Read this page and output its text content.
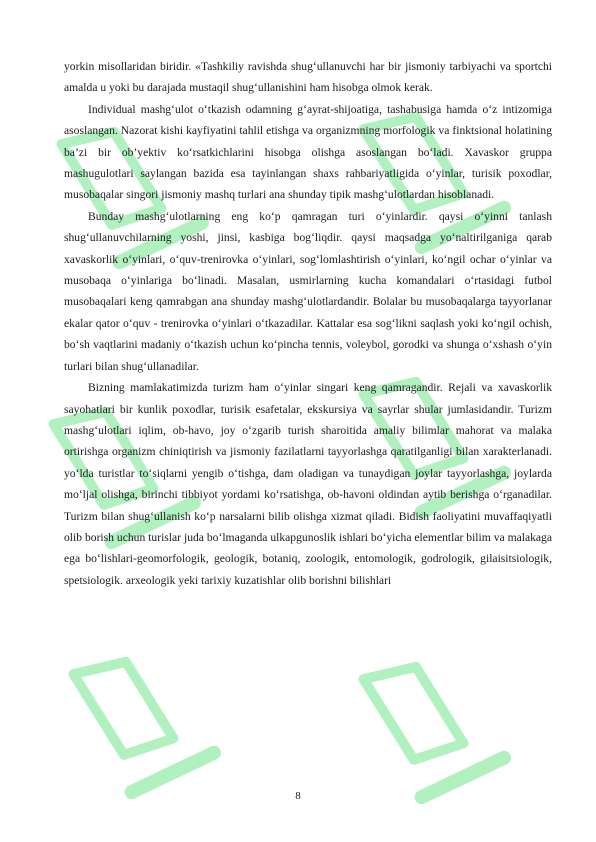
yorkin misollaridan biridir. «Tashkiliy ravishda shug‘ullanuvchi har bir jismoniy tarbiyachi va sportchi amalda u yoki bu darajada mustaqil shug‘ullanishini ham hisobga olmok kerak.

Individual mashg‘ulot o‘tkazish odamning g‘ayrat-shijoatiga, tashabusiga hamda o‘z intizomiga asoslangan. Nazorat kishi kayfiyatini tahlil etishga va organizmning morfologik va finktsional holatining ba’zi bir ob’yektiv ko‘rsatkichlarini hisobga olishga asoslangan bo‘ladi. Xavaskor gruppa mashugulotlari saylangan bazida esa tayinlangan shaxs rahbariyatligida o‘yinlar, turisik poxodlar, musobaqalar singori jismoniy mashq turlari ana shunday tipik mashg‘ulotlardan hisoblanadi.

Bunday mashg‘ulotlarning eng ko‘p qamragan turi o‘yinlardir. qaysi o‘yinni tanlash shug‘ullanuvchilarning yoshi, jinsi, kasbiga bog‘liqdir. qaysi maqsadga yo‘naltirilganiga qarab xavaskorlik o‘yinlari, o‘quv-trenirovka o‘yinlari, sog‘lomlashtirish o‘yinlari, ko‘ngil ochar o‘yinlar va musobaqa o‘yinlariga bo‘linadi. Masalan, usmirlarning kucha komandalari o‘rtasidagi futbol musobaqalari keng qamrabgan ana shunday mashg‘ulotlardandir. Bolalar bu musobaqalarga tayyorlanar ekalar qator o‘quv - trenirovka o‘yinlari o‘tkazadilar. Kattalar esa sog‘likni saqlash yoki ko‘ngil ochish, bo‘sh vaqtlarini madaniy o‘tkazish uchun ko‘pincha tennis, voleybol, gorodki va shunga o‘xshash o‘yin turlari bilan shug‘ullanadilar.

Bizning mamlakatimizda turizm ham o‘yinlar singari keng qamragandir. Rejali va xavaskorlik sayohatlari bir kunlik poxodlar, turisik esafetalar, ekskursiya va sayrlar shular jumlasidandir. Turizm mashg‘ulotlari iqlim, ob-havo, joy o‘zgarib turish sharoitida amaliy bilimlar mahorat va malaka ortirishga organizm chiniqtirish va jismoniy fazilatlarni tayyorlashga qaratilganligi bilan xarakterlanadi. yo‘lda turistlar to‘siqlarni yengib o‘tishga, dam oladigan va tunaydigan joylar tayyorlashga, joylarda mo‘ljal olishga, birinchi tibbiyot yordami ko‘rsatishga, ob-havoni oldindan aytib berishga o‘rganadilar. Turizm bilan shug‘ullanish ko‘p narsalarni bilib olishga xizmat qiladi. Bidish faoliyatini muvaffaqiyatli olib borish uchun turislar juda bo‘lmaganda ulkapgunoslik ishlari bo‘yicha elementlar bilim va malakaga ega bo‘lishlari-geomorfologik, geologik, botaniq, zoologik, entomologik, godrologik, gilaisitsiologik, spetsiologik. arxeologik yeki tarixiy kuzatishlar olib borishni bilishlari

8
